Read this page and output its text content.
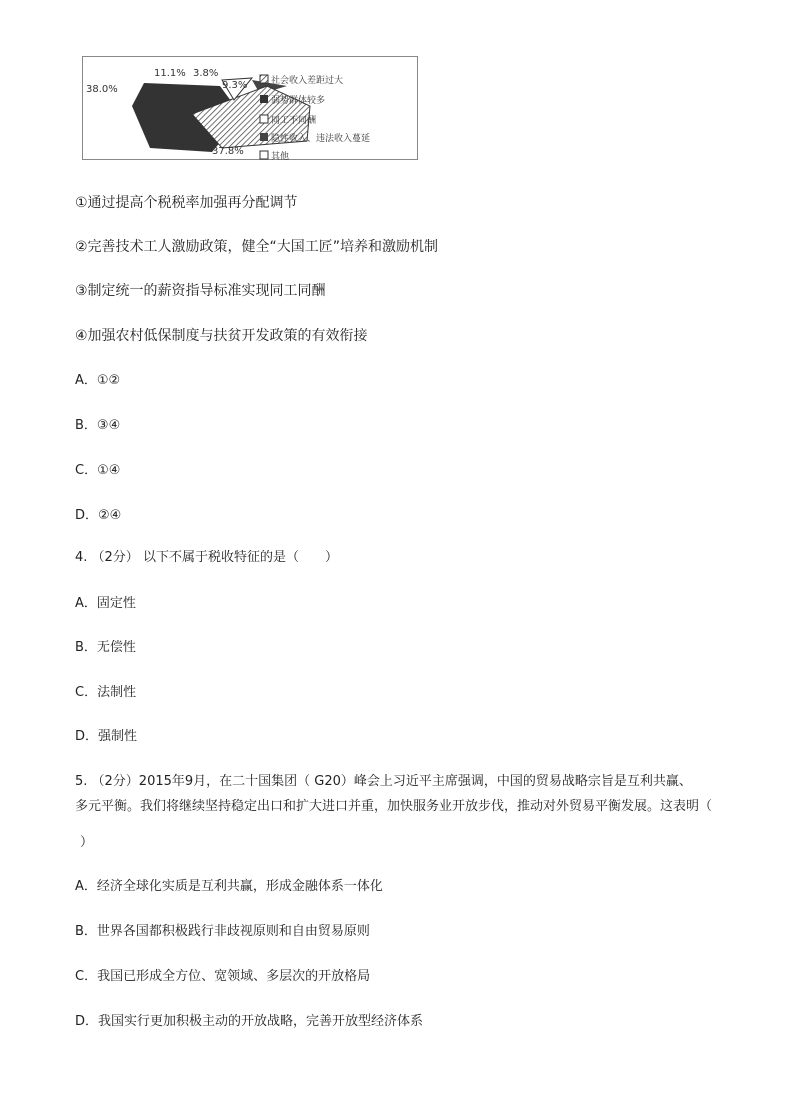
38.0%
11.1% 3.8%
9.3%
37.8%
社会收入差距过大
弱势群体较多
同工不同酬
隐性收入、违法收入蔓延
其他
①通过提高个税税率加强再分配调节
②完善技术工人激励政策，健全“大国工匠”培养和激励机制
③制定统一的薪资指导标准实现同工同酬
④加强农村低保制度与扶贫开发政策的有效衔接
A．①②
B．③④
C．①④
D．②④
4. （2分） 以下不属于税收特征的是（　　）
A．固定性
B．无偿性
C．法制性
D．强制性
5. （2分）2015年9月，在二十国集团（ G20）峰会上习近平主席强调，中国的贸易战略宗旨是互利共赢、
多元平衡。我们将继续坚持稳定出口和扩大进口并重，加快服务业开放步伐，推动对外贸易平衡发展。这表明（
）
A．经济全球化实质是互利共赢，形成金融体系一体化
B．世界各国都积极践行非歧视原则和自由贸易原则
C．我国已形成全方位、宽领域、多层次的开放格局
D．我国实行更加积极主动的开放战略，完善开放型经济体系
